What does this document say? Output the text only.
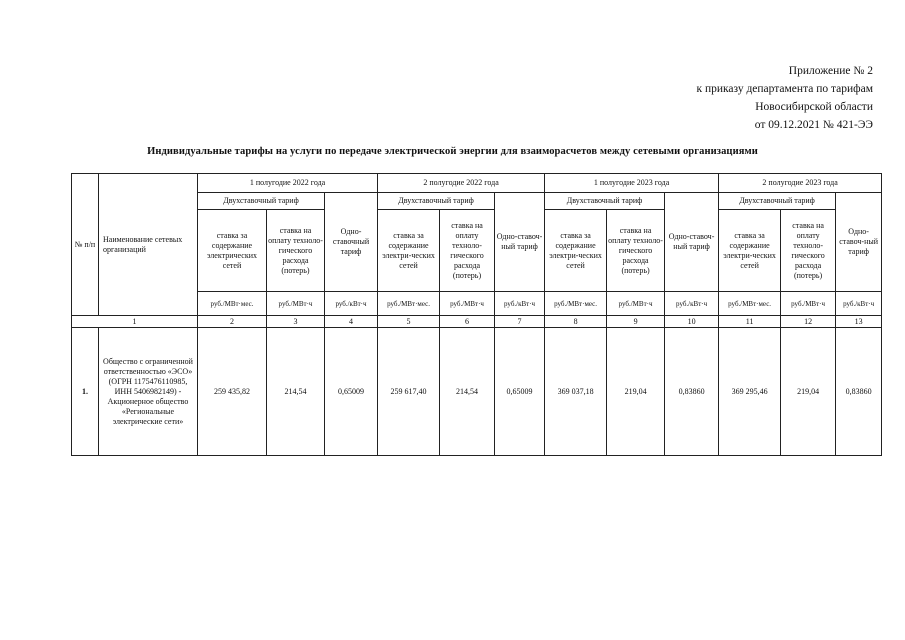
Приложение № 2
к приказу департамента по тарифам
Новосибирской области
от 09.12.2021 № 421-ЭЭ
Индивидуальные тарифы на услуги по передаче электрической энергии для взаиморасчетов между сетевыми организациями
№ п/п	Наименование сетевых организаций	1 полугодие 2022 года			2 полугодие 2022 года			1 полугодие 2023 года			2 полугодие 2023 года		
		Двухставочный тариф		Одно-ставочный тариф	Двухставочный тариф		Одно-ставоч-ный тариф	Двухставочный тариф		Одно-ставоч-ный тариф	Двухставочный тариф		Одно-ставоч-ный тариф
		ставка за содержание электрических сетей	ставка на оплату техноло-гического расхода (потерь)		ставка за содержание электри-ческих сетей	ставка на оплату техноло-гического расхода (потерь)		ставка за содержание электри-ческих сетей	ставка на оплату техноло-гического расхода (потерь)		ставка за содержание электри-ческих сетей	ставка на оплату техноло-гического расхода (потерь)	

		руб./МВт·мес.	руб./МВт·ч	руб./кВт·ч	руб./МВт·мес.	руб./МВт·ч	руб./кВт·ч	руб./МВт·мес.	руб./МВт·ч	руб./кВт·ч	руб./МВт·мес.	руб./МВт·ч	руб./кВт·ч

1		2	3	4	5	6	7	8	9	10	11	12	13
1.	Общество с ограниченной ответственностью «ЭСО» (ОГРН 1175476110985, ИНН 5406982149) - Акционерное общество «Региональные электрические сети»	259 435,82	214,54	0,65009	259 617,40	214,54	0,65009	369 037,18	219,04	0,83860	369 295,46	219,04	0,83860
